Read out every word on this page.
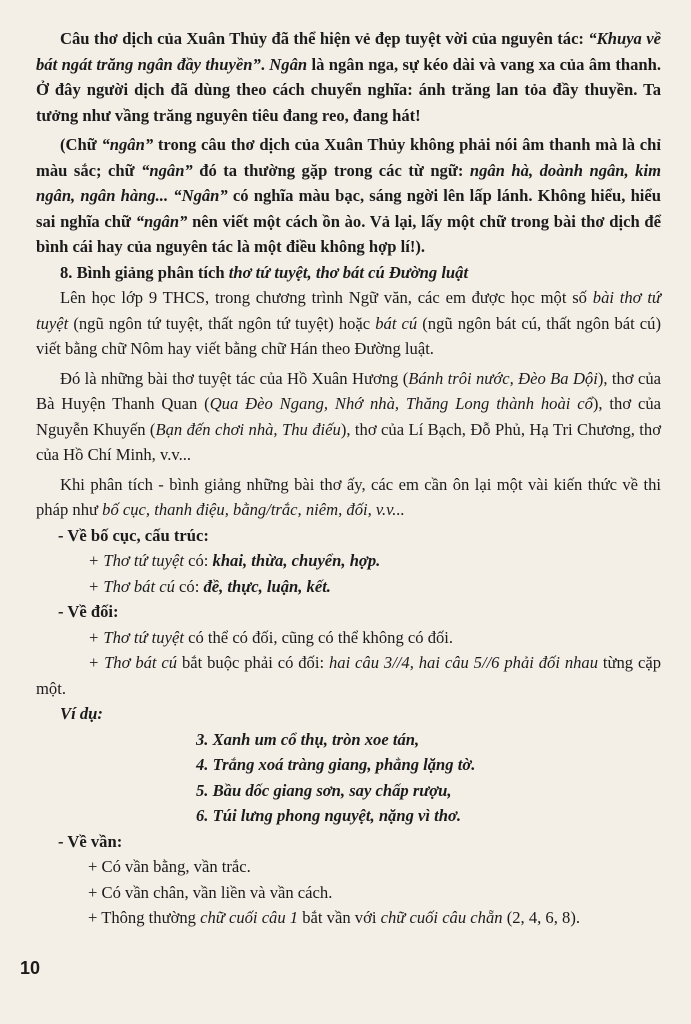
Câu thơ dịch của Xuân Thủy đã thể hiện vẻ đẹp tuyệt vời của nguyên tác: “Khuya về bát ngát trăng ngân đầy thuyền”. Ngân là ngân nga, sự kéo dài và vang xa của âm thanh. Ở đây người dịch đã dùng theo cách chuyển nghĩa: ánh trăng lan tỏa đầy thuyền. Ta tưởng như vầng trăng nguyên tiêu đang reo, đang hát!

(Chữ “ngân” trong câu thơ dịch của Xuân Thủy không phải nói âm thanh mà là chỉ màu sắc; chữ “ngân” đó ta thường gặp trong các từ ngữ: ngân hà, doành ngân, kim ngân, ngân hàng... “Ngân” có nghĩa màu bạc, sáng ngời lên lấp lánh. Không hiểu, hiểu sai nghĩa chữ “ngân” nên viết một cách ồn ào. Vả lại, lấy một chữ trong bài thơ dịch để bình cái hay của nguyên tác là một điều không hợp lí!).

8. Bình giảng phân tích thơ tứ tuyệt, thơ bát cú Đường luật

Lên học lớp 9 THCS, trong chương trình Ngữ văn, các em được học một số bài thơ tứ tuyệt (ngũ ngôn tứ tuyệt, thất ngôn tứ tuyệt) hoặc bát cú (ngũ ngôn bát cú, thất ngôn bát cú) viết bằng chữ Nôm hay viết bằng chữ Hán theo Đường luật.

Đó là những bài thơ tuyệt tác của Hồ Xuân Hương (Bánh trôi nước, Đèo Ba Dội), thơ của Bà Huyện Thanh Quan (Qua Đèo Ngang, Nhớ nhà, Thăng Long thành hoài cổ), thơ của Nguyễn Khuyến (Bạn đến chơi nhà, Thu điếu), thơ của Lí Bạch, Đỗ Phủ, Hạ Tri Chương, thơ của Hồ Chí Minh, v.v...

Khi phân tích - bình giảng những bài thơ ấy, các em cần ôn lại một vài kiến thức về thi pháp như bố cục, thanh điệu, bằng/trắc, niêm, đối, v.v...

- Về bố cục, cấu trúc:

+ Thơ tứ tuyệt có: khai, thừa, chuyển, hợp.

+ Thơ bát cú có: đề, thực, luận, kết.

- Về đối:

+ Thơ tứ tuyệt có thể có đối, cũng có thể không có đối.

+ Thơ bát cú bắt buộc phải có đối: hai câu 3//4, hai câu 5//6 phải đối nhau từng cặp một.

Ví dụ:

3. Xanh um cổ thụ, tròn xoe tán,

4. Trắng xoá tràng giang, phẳng lặng tờ.

5. Bầu dốc giang sơn, say chấp rượu,

6. Túi lưng phong nguyệt, nặng vì thơ.

- Về vần:

+ Có vần bằng, vần trắc.

+ Có vần chân, vần liền và vần cách.

+ Thông thường chữ cuối câu 1 bắt vần với chữ cuối câu chẵn (2, 4, 6, 8).

10
